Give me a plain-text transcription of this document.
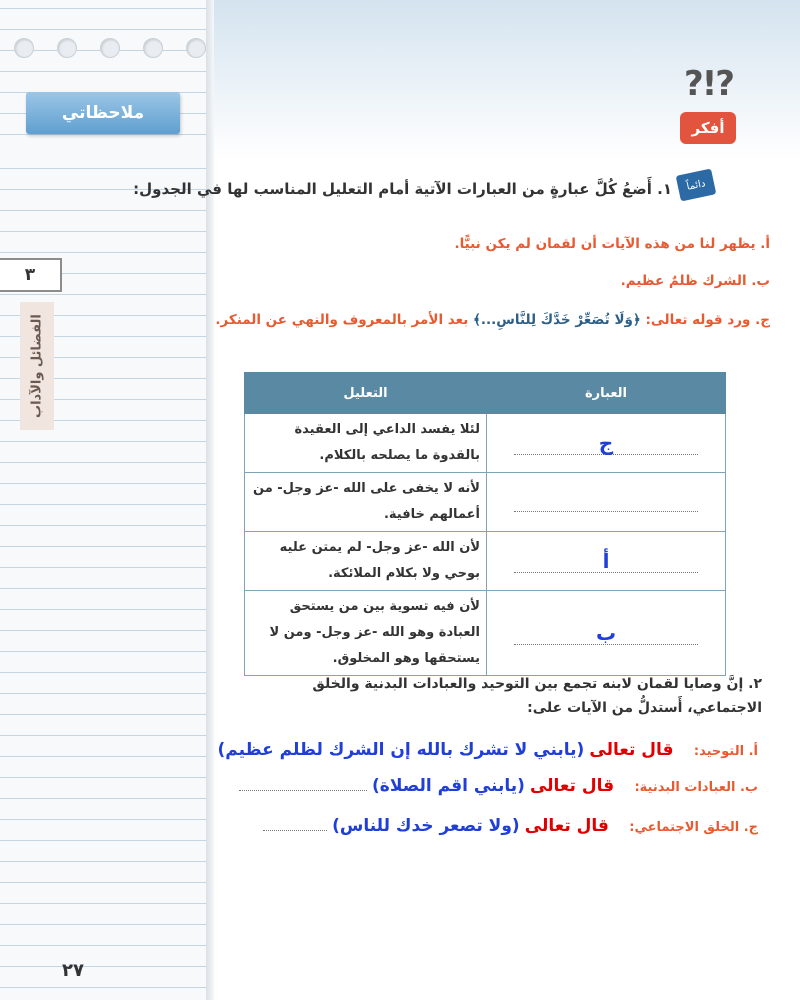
ملاحظاتي
٣
الفضائل والآداب
٢٧
?!?
أفكر
دائماً
١. أَضعُ كُلَّ عبارةٍ من العبارات الآتية أمام التعليل المناسب لها في الجدول:
أ. يظهر لنا من هذه الآيات أن لقمان لم يكن نبيًّا.
ب. الشرك ظلمٌ عظيم.
ج. ورد قوله تعالى: ﴿وَلَا تُصَعِّرْ خَدَّكَ لِلنَّاسِ...﴾ بعد الأمر بالمعروف والنهي عن المنكر.
العبارة	التعليل
ج	لئلا يفسد الداعي إلى العقيدة بالقدوة ما يصلحه بالكلام.
	لأنه لا يخفى على الله -عز وجل- من أعمالهم خافية.
أ	لأن الله -عز وجل- لم يمتن عليه بوحي ولا بكلام الملائكة.
ب	لأن فيه تسوية بين من يستحق العبادة وهو الله -عز وجل- ومن لا يستحقها وهو المخلوق.
٢. إنَّ وصايا لقمان لابنه تجمع بين التوحيد والعبادات البدنية والخلق الاجتماعي، أَستدلُّ من الآيات على:
أ. التوحيد:    قال تعالى (يابني لا تشرك بالله إن الشرك لظلم عظيم)
ب. العبادات البدنية:    قال تعالى (يابني اقم الصلاة)
ج. الخلق الاجتماعي:    قال تعالى (ولا تصعر خدك للناس)
